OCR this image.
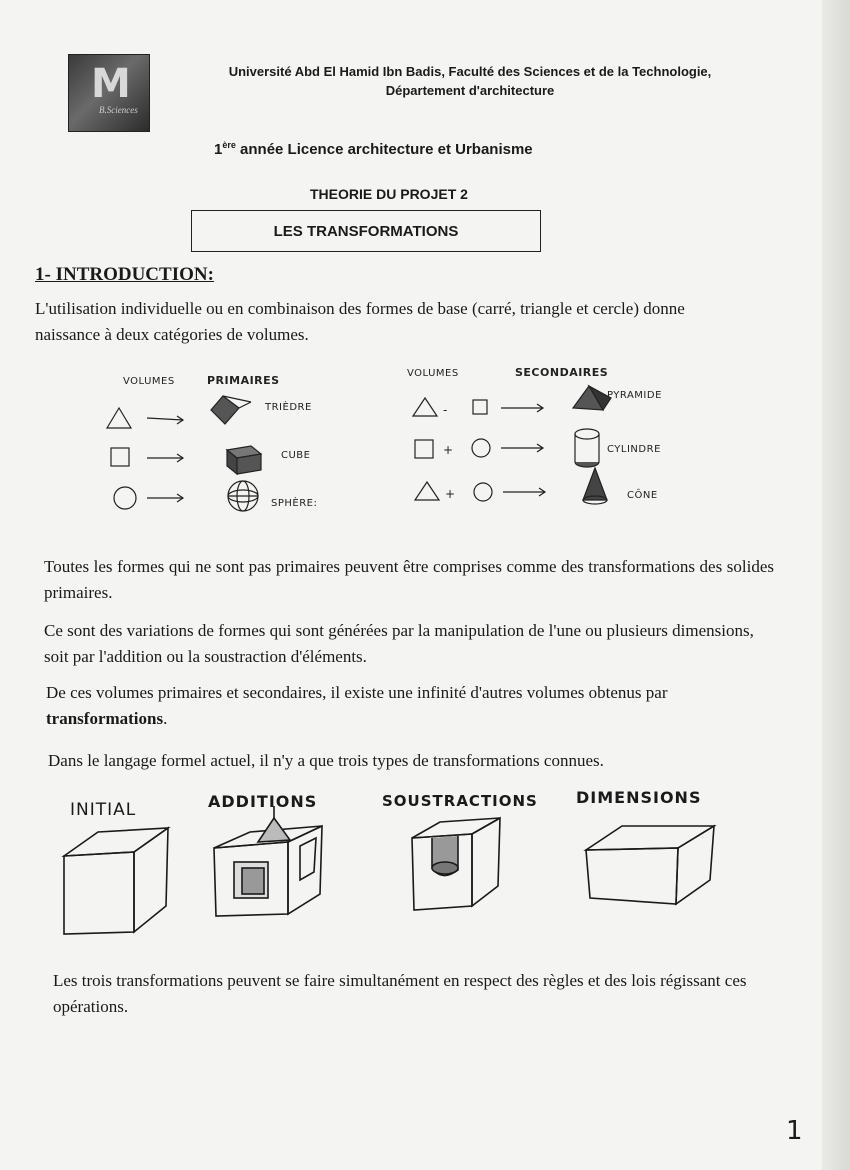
M
B.Sciences
Université Abd El Hamid Ibn Badis, Faculté des Sciences et de la Technologie,
Département d'architecture
1ère année Licence architecture et Urbanisme
THEORIE DU PROJET 2
LES TRANSFORMATIONS
1- INTRODUCTION:
L'utilisation individuelle ou en combinaison des formes de base (carré, triangle et cercle) donne naissance à deux catégories de volumes.
VOLUMES	PRIMAIRES
TRIÈDRE
CUBE
SPHÈRE:
VOLUMES	SECONDAIRES
PYRAMIDE
CYLINDRE
CÔNE
-
+
+
Toutes les formes qui ne sont pas primaires peuvent être comprises comme des transformations des solides primaires.
Ce sont des variations de formes qui sont générées par la manipulation de l'une ou plusieurs dimensions, soit par l'addition ou la soustraction d'éléments.
De ces volumes primaires et secondaires, il existe une infinité d'autres volumes obtenus par transformations.
Dans le langage formel actuel, il n'y a que trois types de transformations connues.
INITIAL	ADDITIONS	SOUSTRACTIONS DIMENSIONS
Les trois transformations peuvent se faire simultanément en respect des règles et des lois régissant ces opérations.
1
